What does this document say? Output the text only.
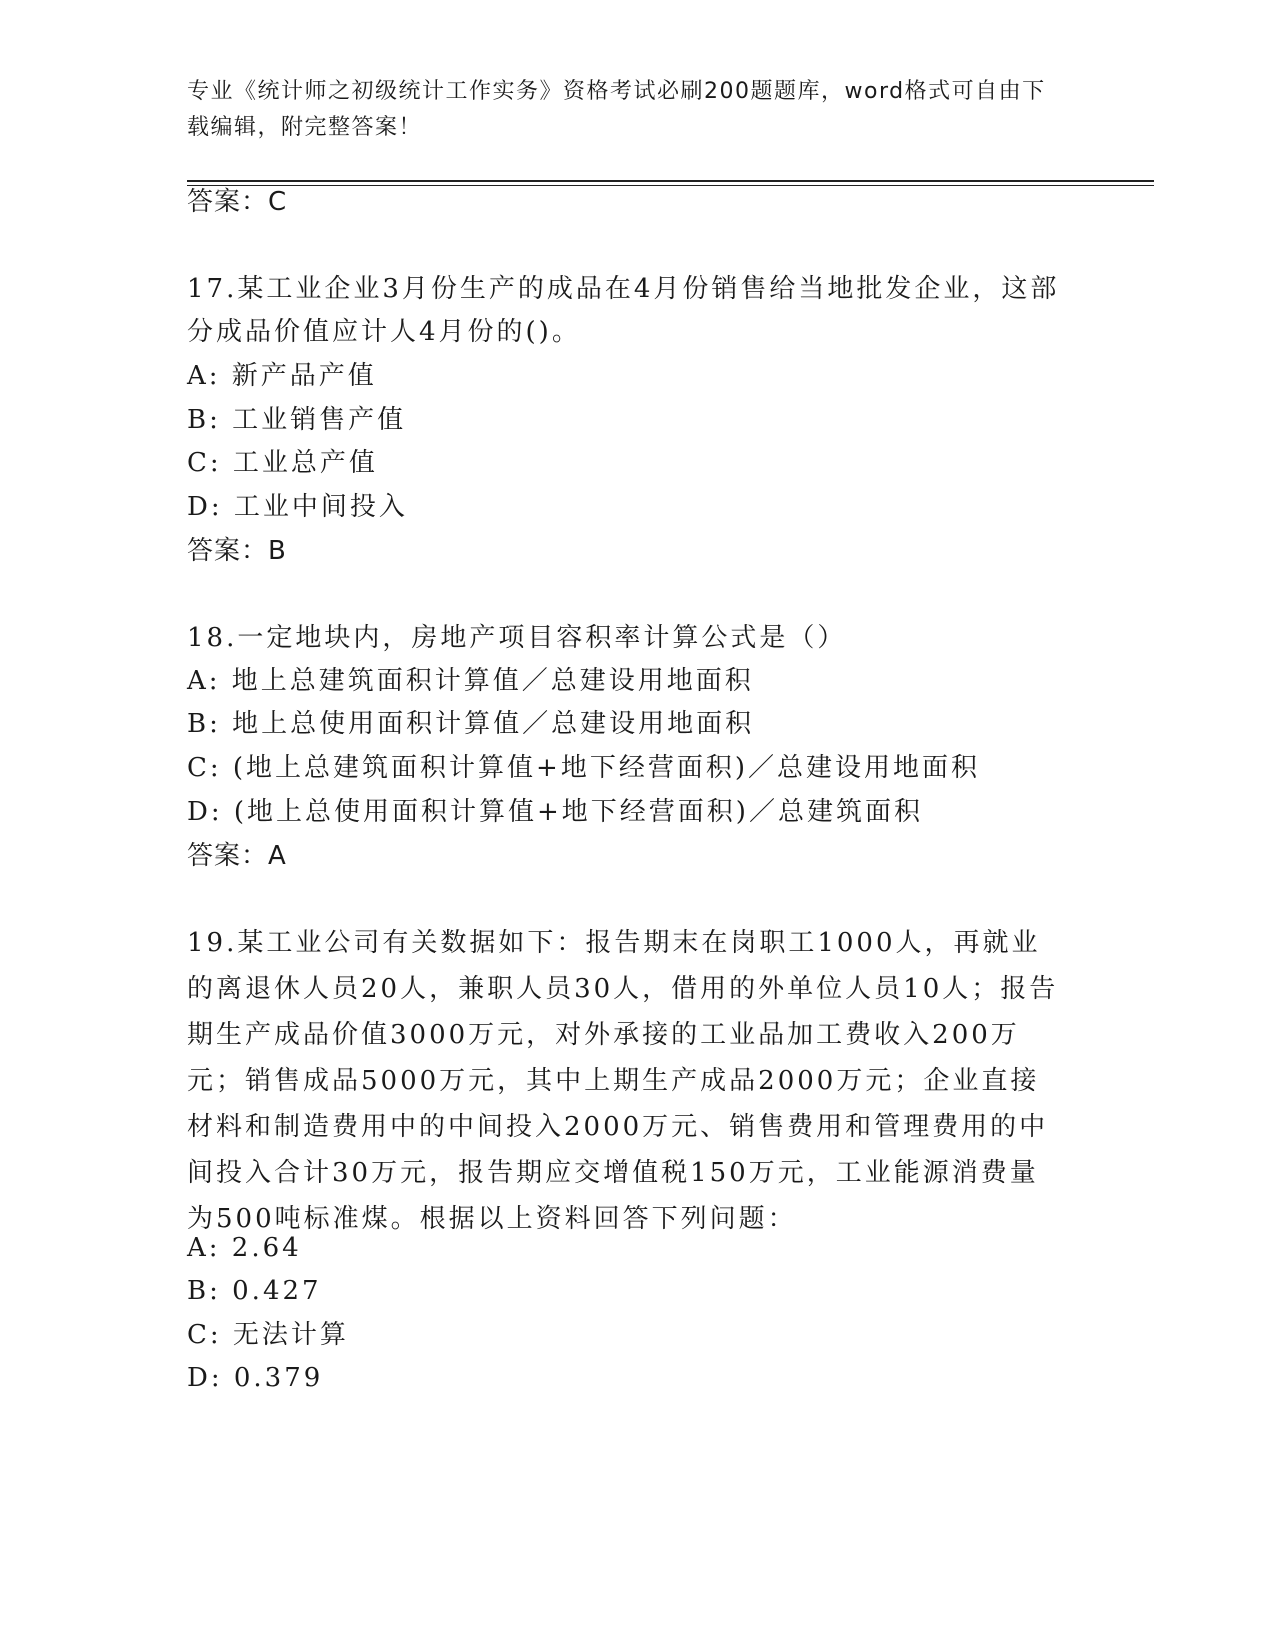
专业《统计师之初级统计工作实务》资格考试必刷200题题库，word格式可自由下载编辑，附完整答案！

答案：C

17.某工业企业3月份生产的成品在4月份销售给当地批发企业，这部

分成品价值应计人4月份的()。

A: 新产品产值

B: 工业销售产值

C: 工业总产值

D: 工业中间投入

答案：B

18.一定地块内，房地产项目容积率计算公式是（）

A: 地上总建筑面积计算值／总建设用地面积

B: 地上总使用面积计算值／总建设用地面积

C: (地上总建筑面积计算值+地下经营面积)／总建设用地面积

D: (地上总使用面积计算值+地下经营面积)／总建筑面积

答案：A

19.某工业公司有关数据如下：报告期末在岗职工1000人，再就业的离退休人员20人，兼职人员30人，借用的外单位人员10人；报告期生产成品价值3000万元，对外承接的工业品加工费收入200万元；销售成品5000万元，其中上期生产成品2000万元；企业直接材料和制造费用中的中间投入2000万元、销售费用和管理费用的中间投入合计30万元，报告期应交增值税150万元，工业能源消费量为500吨标准煤。根据以上资料回答下列问题：

A: 2.64

B: 0.427

C: 无法计算

D: 0.379
